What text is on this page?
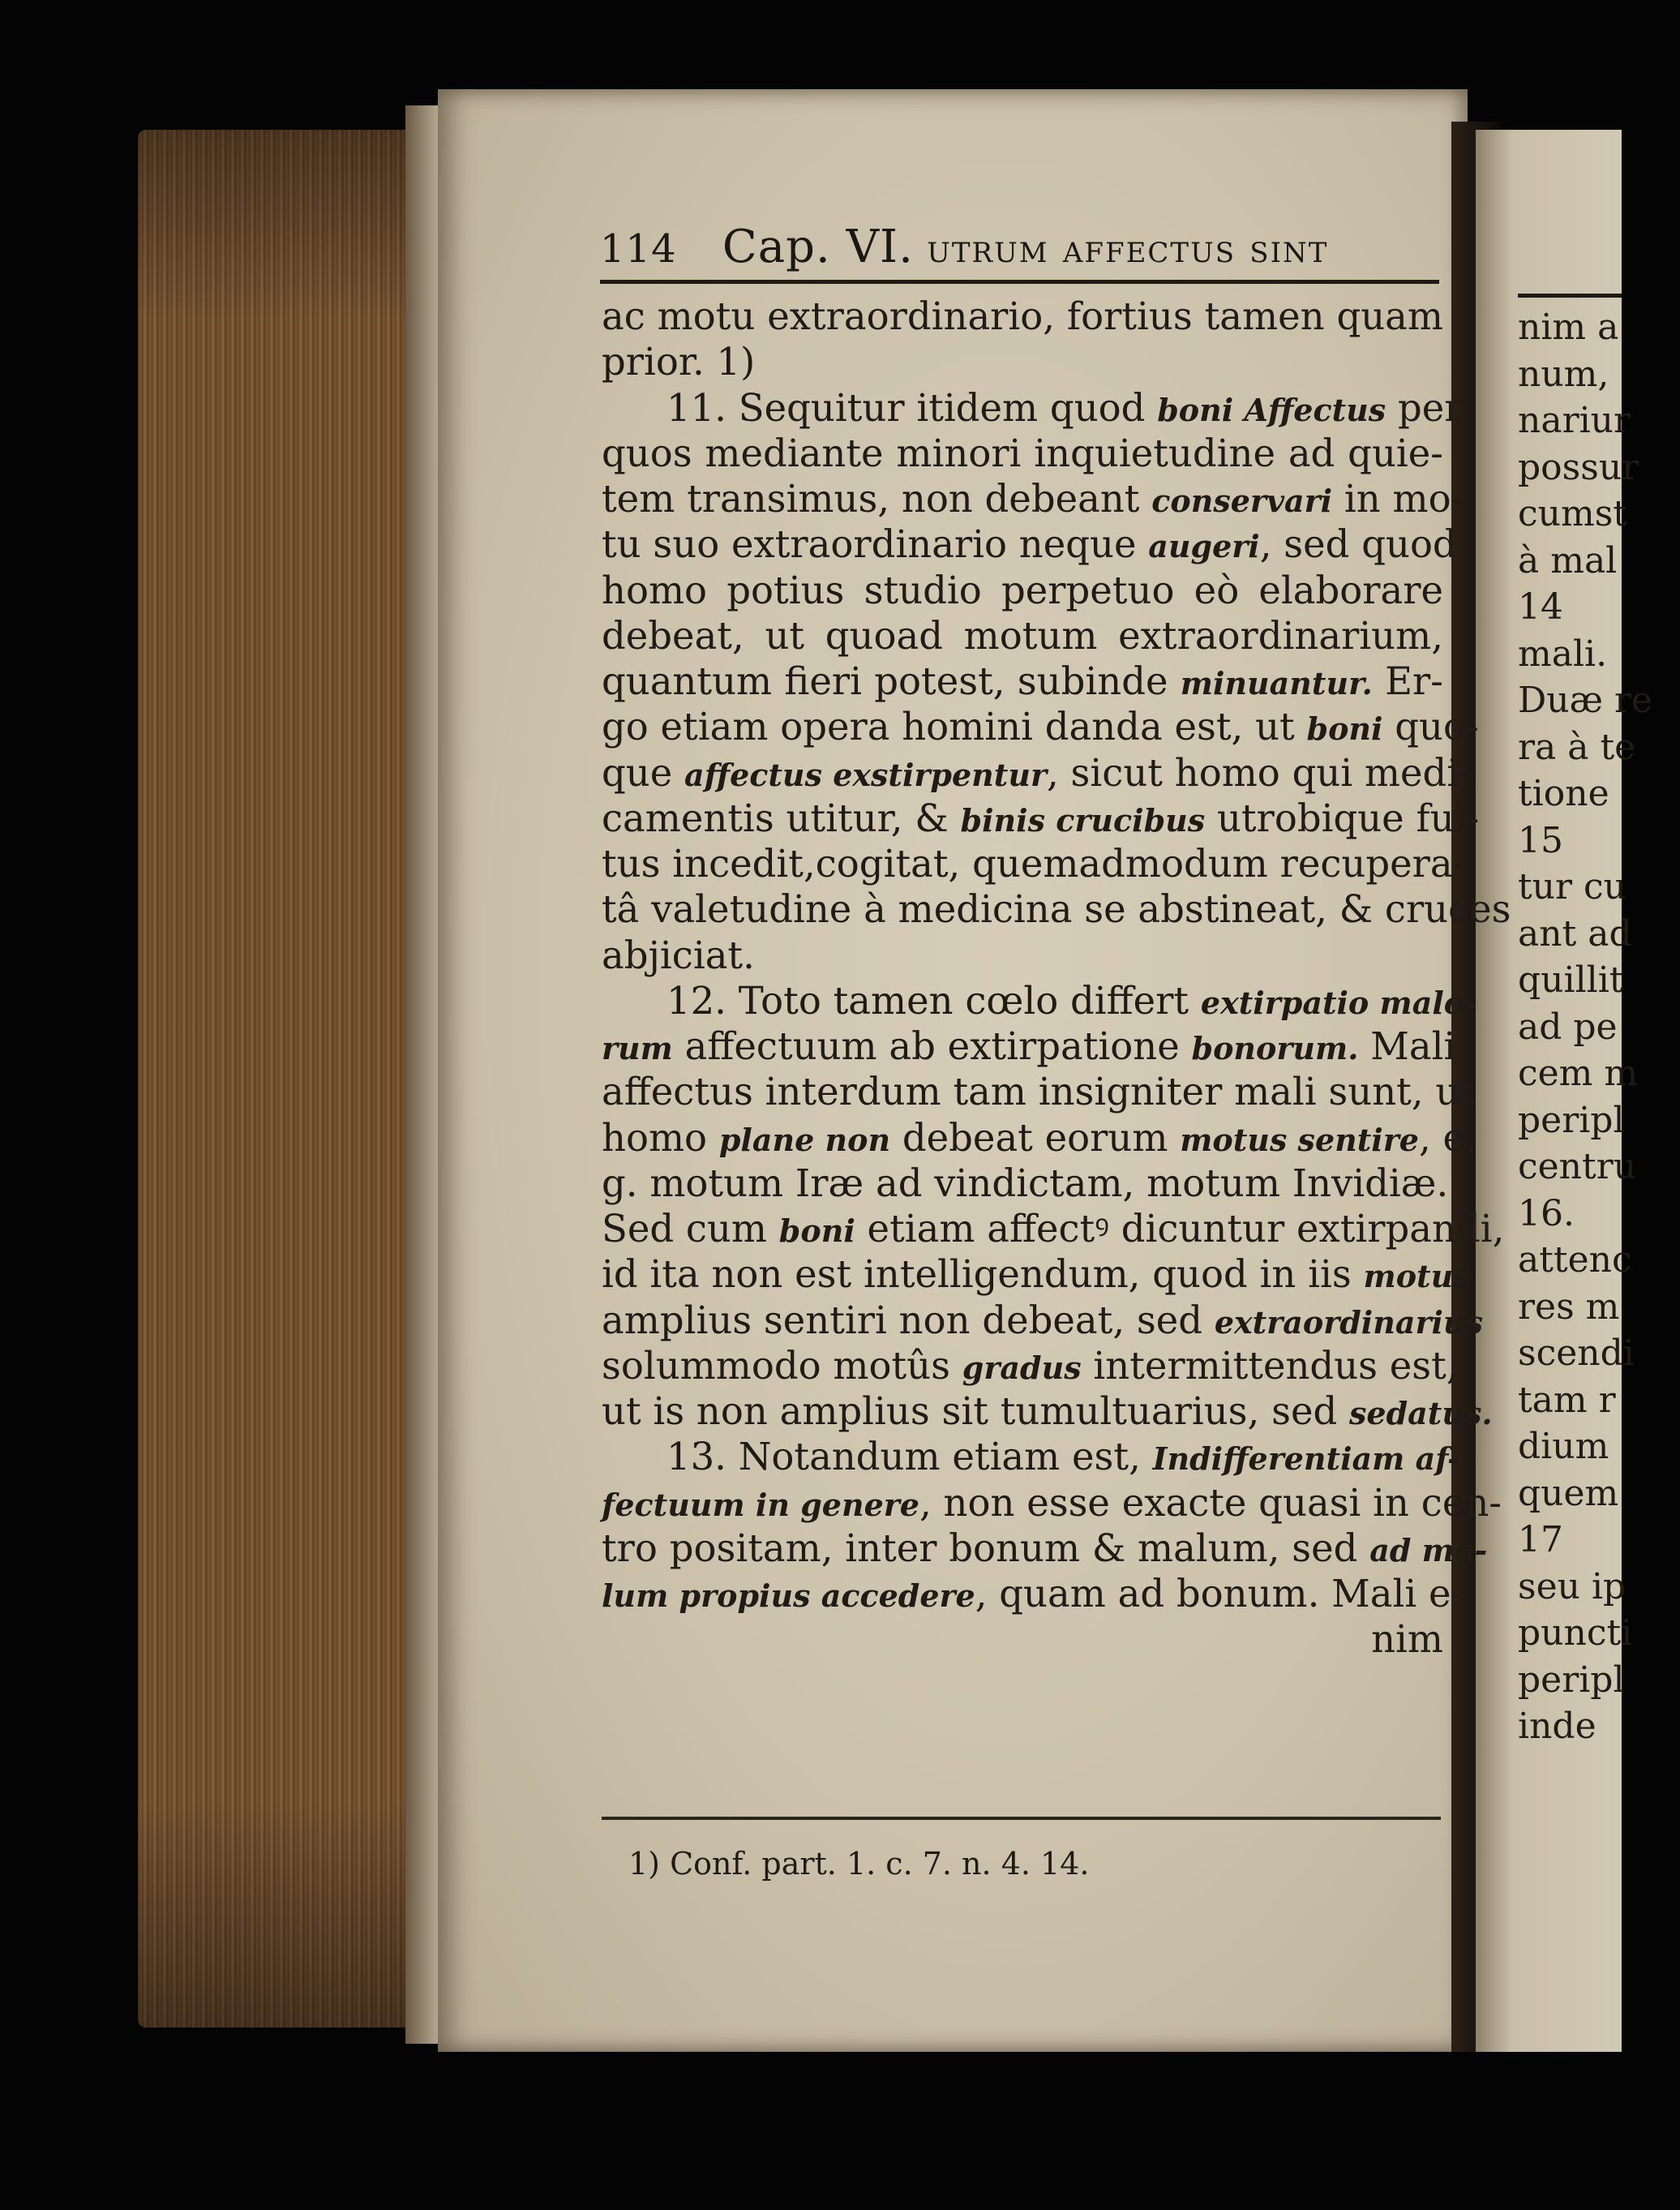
nim a
num,
nariur
possur
cumst
à mal
14
mali.
Duæ re
ra à te
tione
15
tur cu
ant ad
quillit
ad pe
cem m
peripl
centru
16.
attenc
res m
scendi
tam r
dium
quem
17
seu ip
puncti
peripl
inde
114 Cap. VI. utrum affectus sint
ac motu extraordinario, fortius tamen quam
prior. 1)
11. Sequitur itidem quod boni Affectus per
quos mediante minori inquietudine ad quie-
tem transimus, non debeant conservari in mo-
tu suo extraordinario neque augeri, sed quod
homo potius studio perpetuo eò elaborare
debeat, ut quoad motum extraordinarium,
quantum fieri potest, subinde minuantur. Er-
go etiam opera homini danda est, ut boni quo-
que affectus exstirpentur, sicut homo qui medi-
camentis utitur, & binis crucibus utrobique ful-
tus incedit,cogitat, quemadmodum recupera-
tâ valetudine à medicina se abstineat, & cruces
abjiciat.
12. Toto tamen cœlo differt extirpatio malo-
rum affectuum ab extirpatione bonorum. Mali
affectus interdum tam insigniter mali sunt, ut
homo plane non debeat eorum motus sentire, e.
g. motum Iræ ad vindictam, motum Invidiæ.
Sed cum boni etiam affectꝰ dicuntur extirpandi,
id ita non est intelligendum, quod in iis motus
amplius sentiri non debeat, sed extraordinarius
solummodo motûs gradus intermittendus est,
ut is non amplius sit tumultuarius, sed sedatus.
13. Notandum etiam est, Indifferentiam af-
fectuum in genere, non esse exacte quasi in cen-
tro positam, inter bonum & malum, sed ad ma-
lum propius accedere, quam ad bonum. Mali e-
nim
1) Conf. part. 1. c. 7. n. 4. 14.
